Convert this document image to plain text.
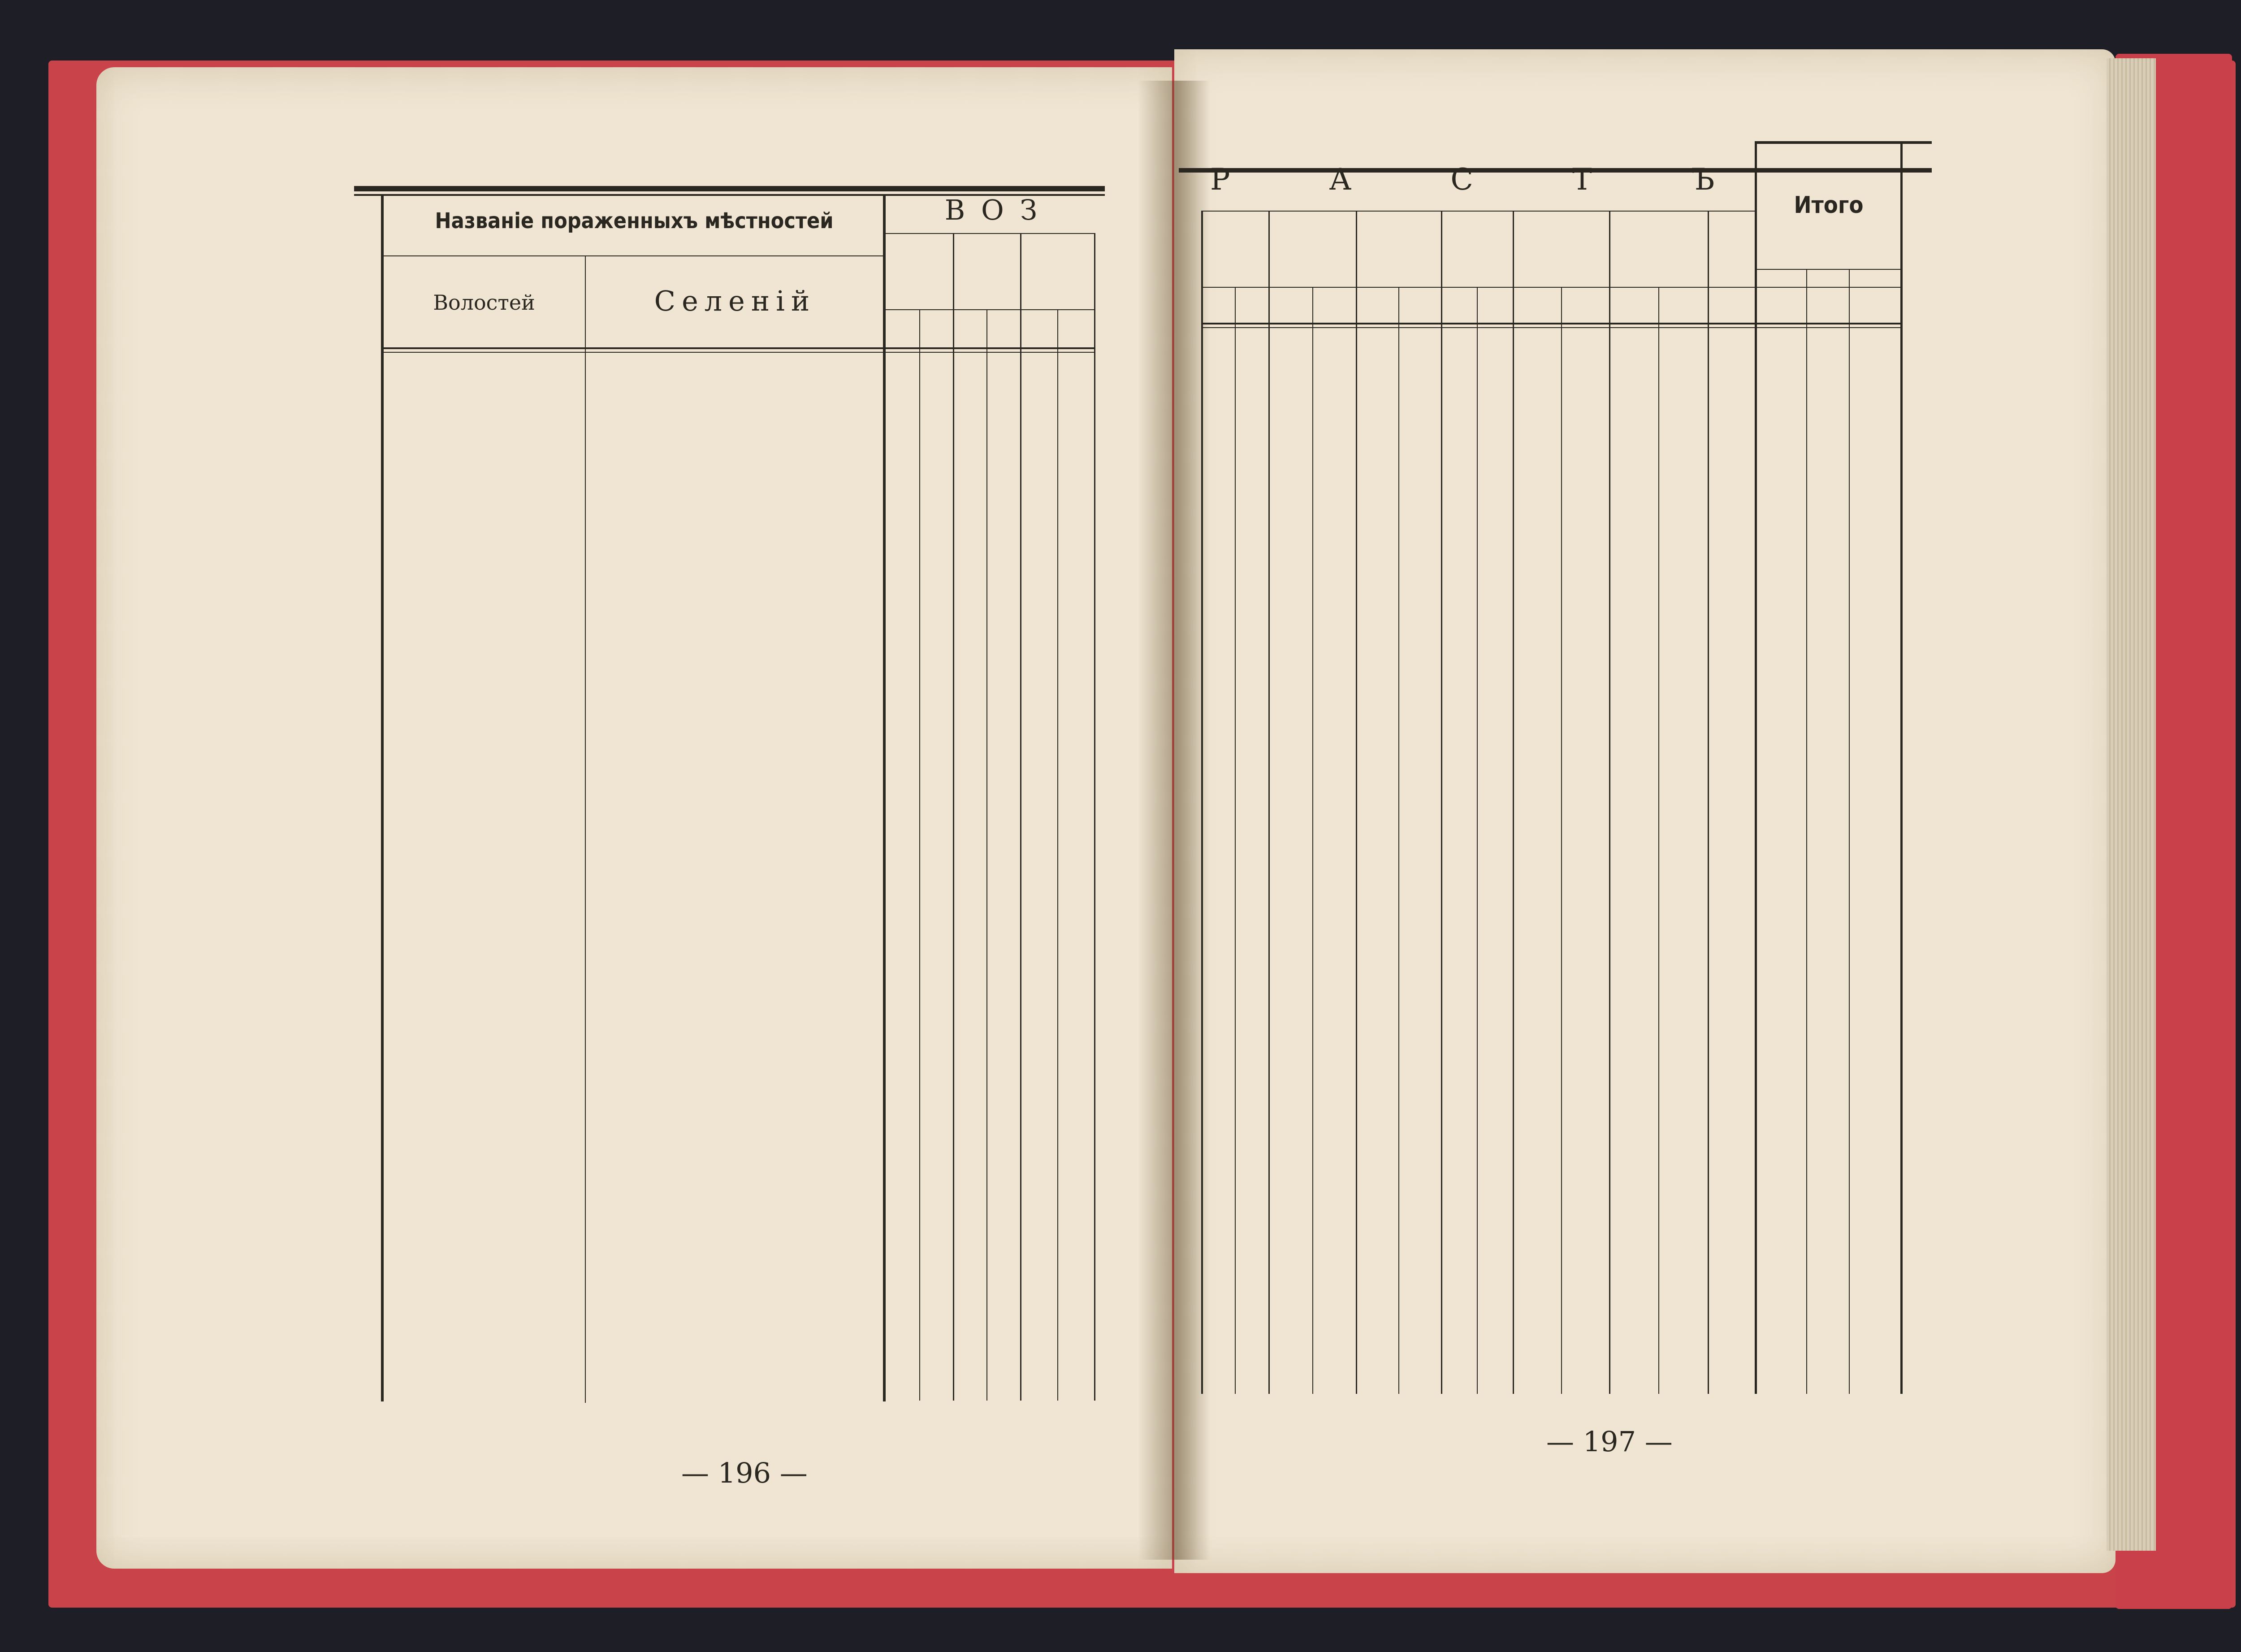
Названіе пораженныхъ мѣстностей
Волостей	Селеній
В О З
— 196 —
Р А С Т Ъ
Итого
— 197 —
